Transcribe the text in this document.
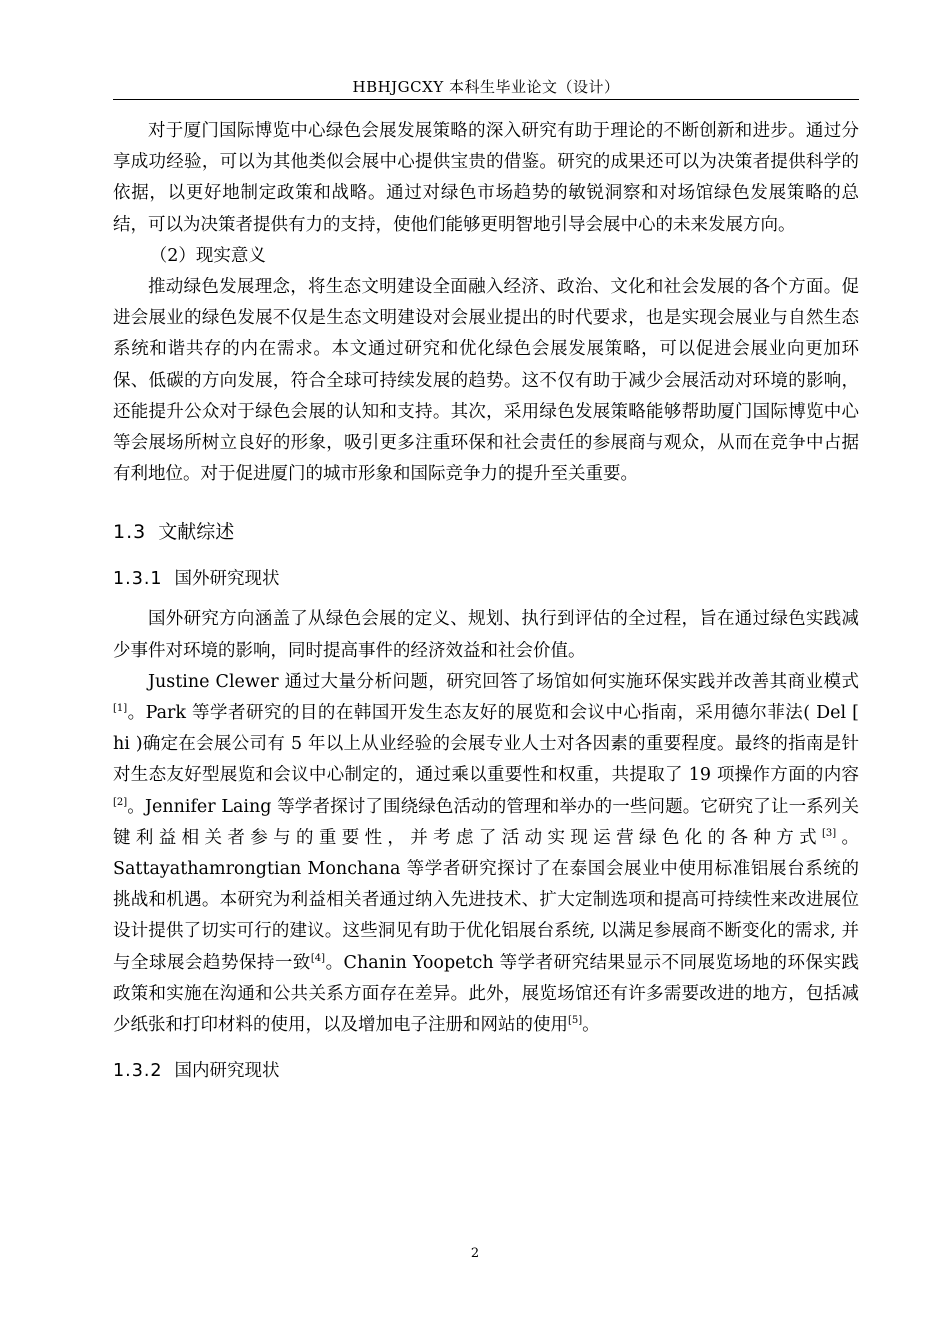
HBHJGCXY 本科生毕业论文（设计）

对于厦门国际博览中心绿色会展发展策略的深入研究有助于理论的不断创新和进步。通过分享成功经验，可以为其他类似会展中心提供宝贵的借鉴。研究的成果还可以为决策者提供科学的依据，以更好地制定政策和战略。通过对绿色市场趋势的敏锐洞察和对场馆绿色发展策略的总结，可以为决策者提供有力的支持，使他们能够更明智地引导会展中心的未来发展方向。

（2）现实意义

推动绿色发展理念，将生态文明建设全面融入经济、政治、文化和社会发展的各个方面。促进会展业的绿色发展不仅是生态文明建设对会展业提出的时代要求，也是实现会展业与自然生态系统和谐共存的内在需求。本文通过研究和优化绿色会展发展策略，可以促进会展业向更加环保、低碳的方向发展，符合全球可持续发展的趋势。这不仅有助于减少会展活动对环境的影响，还能提升公众对于绿色会展的认知和支持。其次，采用绿色发展策略能够帮助厦门国际博览中心等会展场所树立良好的形象，吸引更多注重环保和社会责任的参展商与观众，从而在竞争中占据有利地位。对于促进厦门的城市形象和国际竞争力的提升至关重要。

1.3 文献综述
1.3.1 国外研究现状

国外研究方向涵盖了从绿色会展的定义、规划、执行到评估的全过程，旨在通过绿色实践减少事件对环境的影响，同时提高事件的经济效益和社会价值。

Justine Clewer 通过大量分析问题，研究回答了场馆如何实施环保实践并改善其商业模式[1]。Park 等学者研究的目的在韩国开发生态友好的展览和会议中心指南，采用德尔菲法( Del [ hi )确定在会展公司有 5 年以上从业经验的会展专业人士对各因素的重要程度。最终的指南是针对生态友好型展览和会议中心制定的，通过乘以重要性和权重，共提取了 19 项操作方面的内容[2]。Jennifer Laing 等学者探讨了围绕绿色活动的管理和举办的一些问题。它研究了让一系列关键利益相关者参与的重要性，并考虑了活动实现运营绿色化的各种方式[3]。Sattayathamrongtian Monchana 等学者研究探讨了在泰国会展业中使用标准铝展台系统的挑战和机遇。本研究为利益相关者通过纳入先进技术、扩大定制选项和提高可持续性来改进展位设计提供了切实可行的建议。这些洞见有助于优化铝展台系统, 以满足参展商不断变化的需求, 并与全球展会趋势保持一致[4]。Chanin Yoopetch 等学者研究结果显示不同展览场地的环保实践政策和实施在沟通和公共关系方面存在差异。此外，展览场馆还有许多需要改进的地方，包括减少纸张和打印材料的使用，以及增加电子注册和网站的使用[5]。

1.3.2 国内研究现状
2
